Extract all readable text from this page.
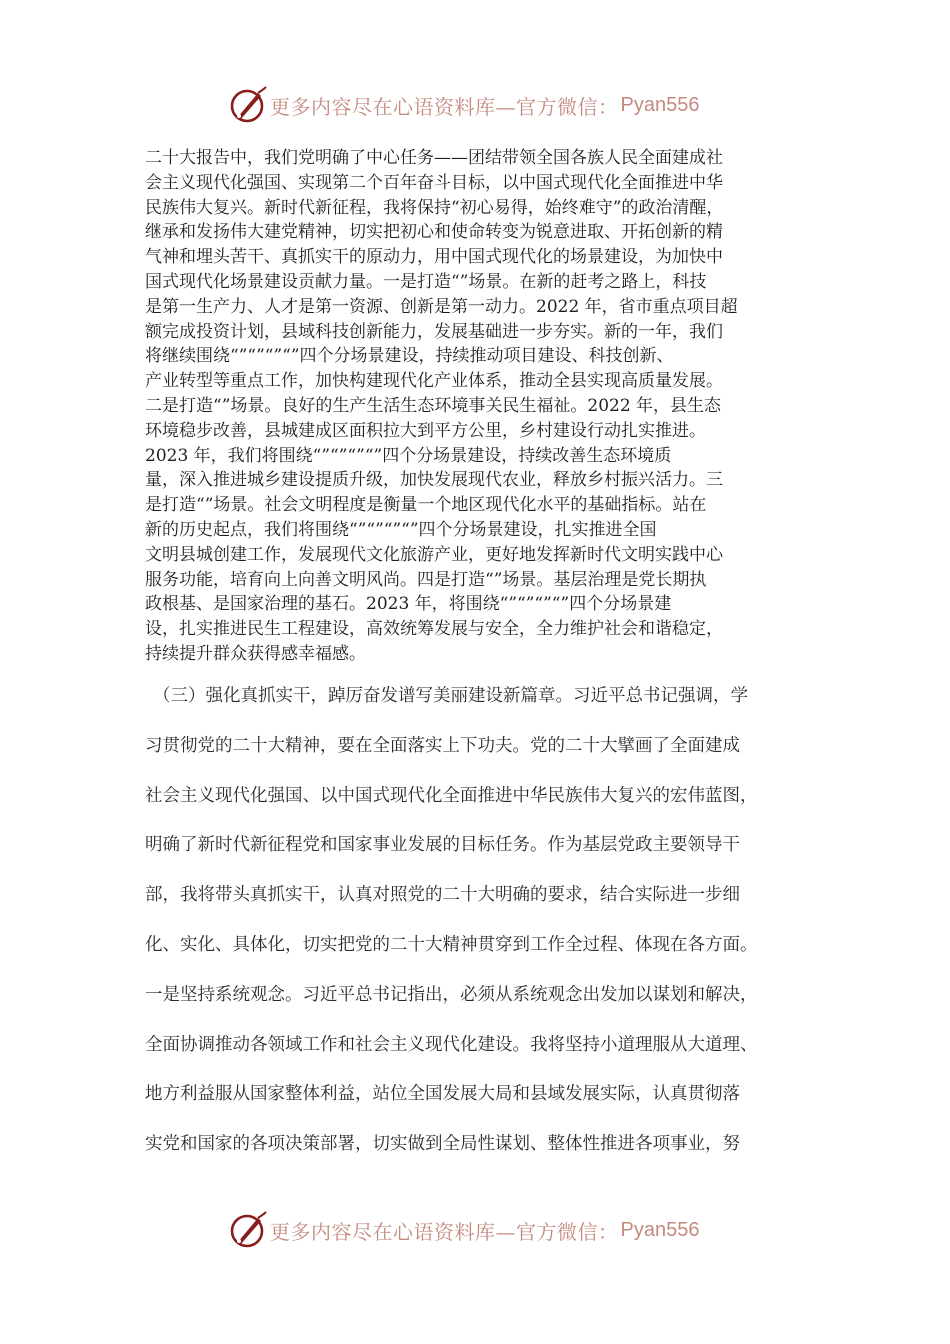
更多内容尽在心语资料库—官方微信： Pyan556
二十大报告中，我们党明确了中心任务——团结带领全国各族人民全面建成社
会主义现代化强国、实现第二个百年奋斗目标，以中国式现代化全面推进中华
民族伟大复兴。新时代新征程，我将保持“初心易得，始终难守”的政治清醒，
继承和发扬伟大建党精神，切实把初心和使命转变为锐意进取、开拓创新的精
气神和埋头苦干、真抓实干的原动力，用中国式现代化的场景建设，为加快中
国式现代化场景建设贡献力量。一是打造“”场景。在新的赶考之路上，科技
是第一生产力、人才是第一资源、创新是第一动力。2022 年，省市重点项目超
额完成投资计划，县域科技创新能力，发展基础进一步夯实。新的一年，我们
将继续围绕“”“”“”“”四个分场景建设，持续推动项目建设、科技创新、
产业转型等重点工作，加快构建现代化产业体系，推动全县实现高质量发展。
二是打造“”场景。良好的生产生活生态环境事关民生福祉。2022 年，县生态
环境稳步改善，县城建成区面积拉大到平方公里，乡村建设行动扎实推进。
2023 年，我们将围绕“”“”“”“”四个分场景建设，持续改善生态环境质
量，深入推进城乡建设提质升级，加快发展现代农业，释放乡村振兴活力。三
是打造“”场景。社会文明程度是衡量一个地区现代化水平的基础指标。站在
新的历史起点，我们将围绕“”“”“”“”四个分场景建设，扎实推进全国
文明县城创建工作，发展现代文化旅游产业，更好地发挥新时代文明实践中心
服务功能，培育向上向善文明风尚。四是打造“”场景。基层治理是党长期执
政根基、是国家治理的基石。2023 年，将围绕“”“”“”“”四个分场景建
设，扎实推进民生工程建设，高效统筹发展与安全，全力维护社会和谐稳定，
持续提升群众获得感幸福感。
（三）强化真抓实干，踔厉奋发谱写美丽建设新篇章。习近平总书记强调，学
习贯彻党的二十大精神，要在全面落实上下功夫。党的二十大擘画了全面建成
社会主义现代化强国、以中国式现代化全面推进中华民族伟大复兴的宏伟蓝图，
明确了新时代新征程党和国家事业发展的目标任务。作为基层党政主要领导干
部，我将带头真抓实干，认真对照党的二十大明确的要求，结合实际进一步细
化、实化、具体化，切实把党的二十大精神贯穿到工作全过程、体现在各方面。
一是坚持系统观念。习近平总书记指出，必须从系统观念出发加以谋划和解决，
全面协调推动各领域工作和社会主义现代化建设。我将坚持小道理服从大道理、
地方利益服从国家整体利益，站位全国发展大局和县域发展实际，认真贯彻落
实党和国家的各项决策部署，切实做到全局性谋划、整体性推进各项事业，努
更多内容尽在心语资料库—官方微信： Pyan556
